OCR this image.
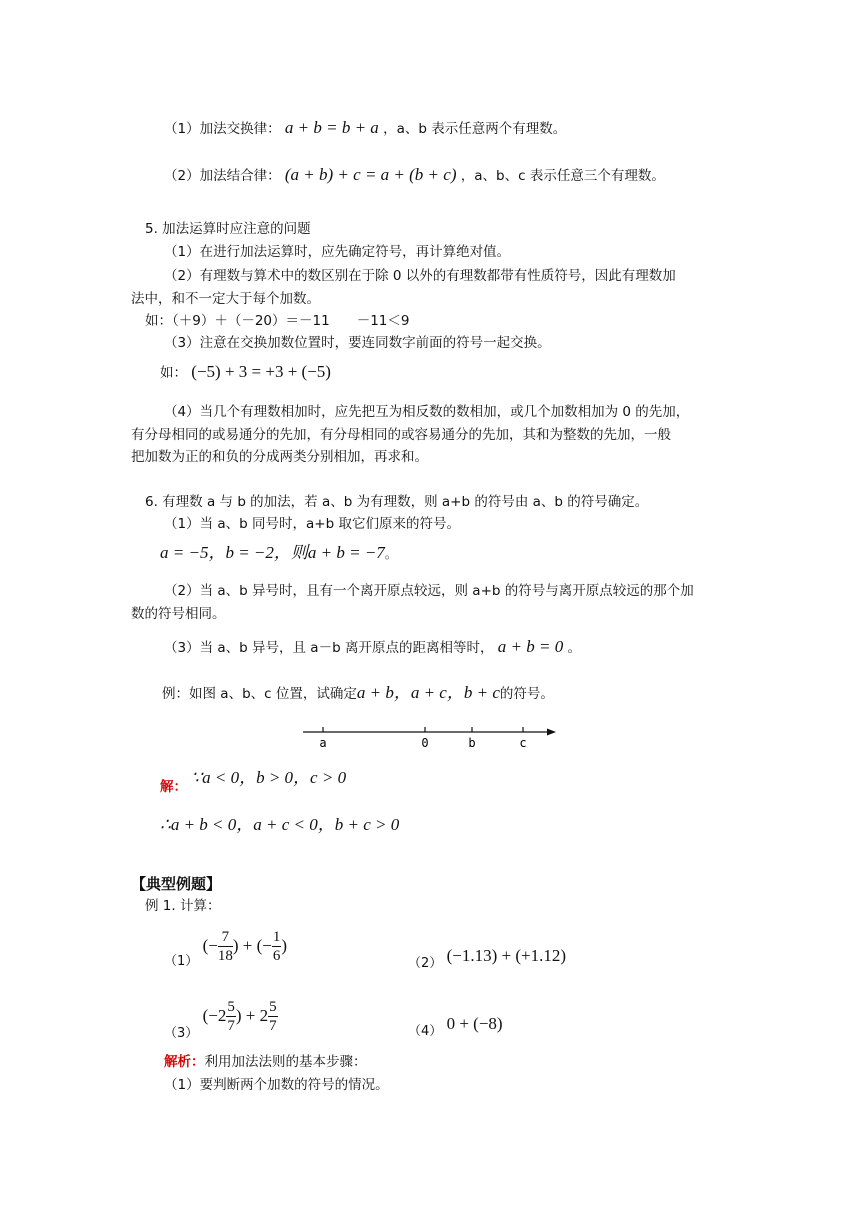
（1）加法交换律： a + b = b + a ，a、b 表示任意两个有理数。
（2）加法结合律： (a + b) + c = a + (b + c) ，a、b、c 表示任意三个有理数。
5. 加法运算时应注意的问题
（1）在进行加法运算时，应先确定符号，再计算绝对值。
（2）有理数与算术中的数区别在于除 0 以外的有理数都带有性质符号，因此有理数加
法中，和不一定大于每个加数。
如：（＋9）＋（－20）＝－11　　－11＜9
（3）注意在交换加数位置时，要连同数字前面的符号一起交换。
如： (−5) + 3 = +3 + (−5)
（4）当几个有理数相加时，应先把互为相反数的数相加，或几个加数相加为 0 的先加，
有分母相同的或易通分的先加，有分母相同的或容易通分的先加，其和为整数的先加，一般
把加数为正的和负的分成两类分别相加，再求和。
6. 有理数 a 与 b 的加法，若 a、b 为有理数，则 a+b 的符号由 a、b 的符号确定。
（1）当 a、b 同号时，a+b 取它们原来的符号。
a = −5，b = −2，则a + b = −7。
（2）当 a、b 异号时，且有一个离开原点较远，则 a+b 的符号与离开原点较远的那个加
数的符号相同。
（3）当 a、b 异号，且 a－b 离开原点的距离相等时， a + b = 0 。
例：如图 a、b、c 位置，试确定a + b，a + c，b + c的符号。
a	0	b	c
解： ∵a < 0，b > 0，c > 0
∴a + b < 0，a + c < 0，b + c > 0
【典型例题】
例 1. 计算：
（1） (− $\frac{7}{18}$ ) + (− $\frac{1}{6}$ )
（2） (−1.13) + (+1.12)
（3） ($-2 \frac{5}{7}$ ) + $2 \frac{5}{7}$	（4） 0 + (−8)
解析：利用加法法则的基本步骤：
（1）要判断两个加数的符号的情况。
